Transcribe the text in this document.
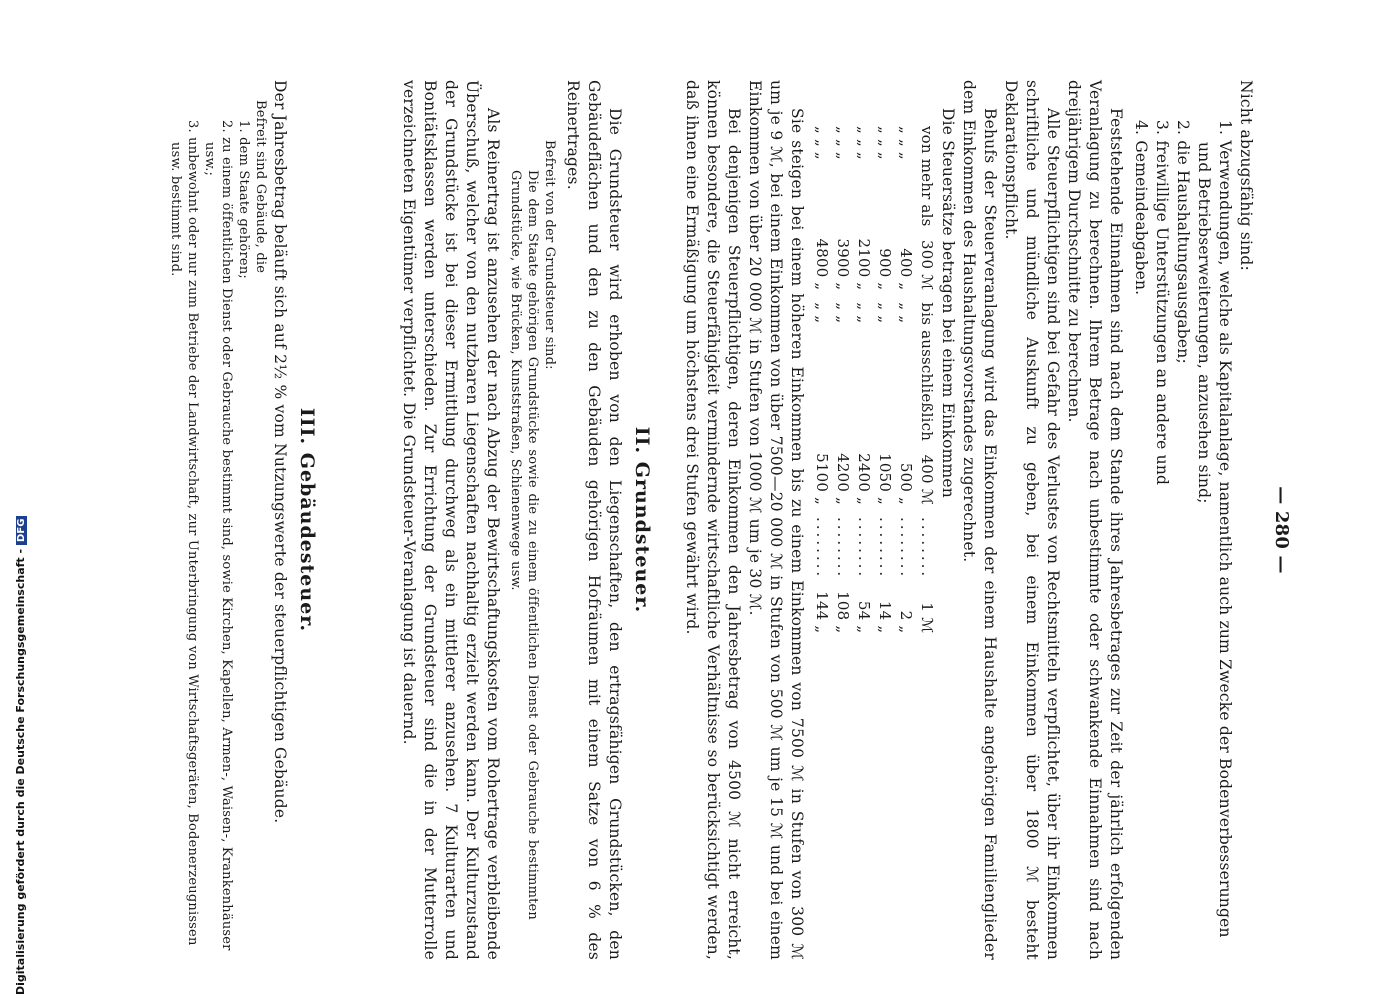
— 280 —

Nicht abzugsfähig sind:

1. Verwendungen, welche als Kapitalanlage, namentlich auch zum Zwecke der Bodenverbesserungen und Betriebserweiterungen, anzusehen sind;

2. die Haushaltungsausgaben;

3. freiwillige Unterstützungen an andere und

4. Gemeindeabgaben.

Feststehende Einnahmen sind nach dem Stande ihres Jahresbetrages zur Zeit der jährlich erfolgenden Veranlagung zu berechnen. Ihrem Betrage nach unbestimmte oder schwankende Einnahmen sind nach dreijährigem Durchschnitte zu berechnen.

Alle Steuerpflichtigen sind bei Gefahr des Verlustes von Rechtsmitteln verpflichtet, über ihr Einkommen schriftliche und mündliche Auskunft zu geben, bei einem Einkommen über 1800 ℳ besteht Deklarationspflicht.

Behufs der Steuerveranlagung wird das Einkommen der einem Haushalte angehörigen Familienglieder dem Einkommen des Haushaltungsvorstandes zugerechnet.

Die Steuersätze betragen bei einem Einkommen

von mehr als	300 ℳ	bis ausschließlich	400 ℳ	........	1 ℳ
„ „ „	400 „	„ „	500 „	........	2 „
„ „ „	900 „	„ „	1050 „	........	14 „
„ „ „	2100 „	„ „	2400 „	........	54 „
„ „ „	3900 „	„ „	4200 „	........	108 „
„ „ „	4800 „	„ „	5100 „	........	144 „

Sie steigen bei einem höheren Einkommen bis zu einem Einkommen von 7500 ℳ in Stufen von 300 ℳ um je 9 ℳ, bei einem Einkommen von über 7500—20 000 ℳ in Stufen von 500 ℳ um je 15 ℳ und bei einem Einkommen von über 20 000 ℳ in Stufen von 1000 ℳ um je 30 ℳ.

Bei denjenigen Steuerpflichtigen, deren Einkommen den Jahresbetrag von 4500 ℳ nicht erreicht, können besondere, die Steuerfähigkeit vermindernde wirtschaftliche Verhältnisse so berücksichtigt werden, daß ihnen eine Ermäßigung um höchstens drei Stufen gewährt wird.

II. Grundsteuer.

Die Grundsteuer wird erhoben von den Liegenschaften, den ertragsfähigen Grundstücken, den Gebäudeflächen und den zu den Gebäuden gehörigen Hofräumen mit einem Satze von 6 % des Reinertrages.

Befreit von der Grundsteuer sind:

Die dem Staate gehörigen Grundstücke sowie die zu einem öffentlichen Dienst oder Gebrauche bestimmten Grundstücke, wie Brücken, Kunststraßen, Schienenwege usw.

Als Reinertrag ist anzusehen der nach Abzug der Bewirtschaftungskosten vom Rohertrage verbleibende Überschuß, welcher von den nutzbaren Liegenschaften nachhaltig erzielt werden kann. Der Kulturzustand der Grundstücke ist bei dieser Ermittlung durchweg als ein mittlerer anzusehen. 7 Kulturarten und Bonitätsklassen werden unterschieden. Zur Errichtung der Grundsteuer sind die in der Mutterrolle verzeichneten Eigentümer verpflichtet. Die Grundsteuer-Veranlagung ist dauernd.

III. Gebäudesteuer.

Der Jahresbetrag beläuft sich auf 2½ % vom Nutzungswerte der steuerpflichtigen Gebäude.

Befreit sind Gebäude, die

1. dem Staate gehören;

2. zu einem öffentlichen Dienst oder Gebrauche bestimmt sind, sowie Kirchen, Kapellen, Armen-, Waisen-, Krankenhäuser usw.;

3. unbewohnt oder nur zum Betriebe der Landwirtschaft, zur Unterbringung von Wirtschaftsgeräten, Bodenerzeugnissen usw. bestimmt sind.

Digitalisierung gefördert durch die Deutsche Forschungsgemeinschaft -DFG
